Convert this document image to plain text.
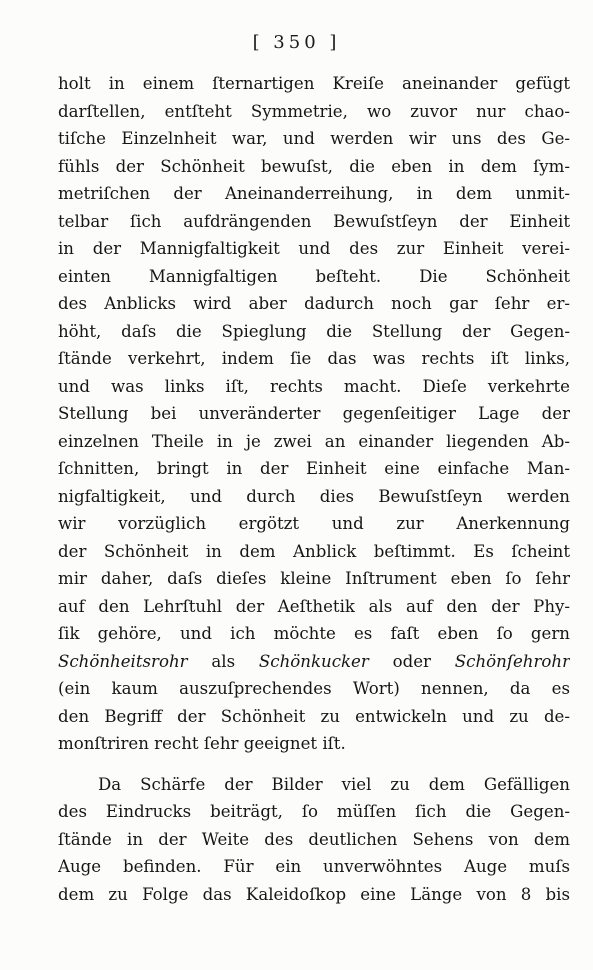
[ 350 ]
holt in einem ſternartigen Kreiſe aneinander gefügt
darſtellen, entſteht Symmetrie, wo zuvor nur chao-
tiſche Einzelnheit war, und werden wir uns des Ge-
fühls der Schönheit bewuſst, die eben in dem ſym-
metriſchen der Aneinanderreihung, in dem unmit-
telbar ſich aufdrängenden Bewuſstſeyn der Einheit
in der Mannigfaltigkeit und des zur Einheit verei-
einten Mannigfaltigen beſteht. Die Schönheit
des Anblicks wird aber dadurch noch gar ſehr er-
höht, daſs die Spieglung die Stellung der Gegen-
ſtände verkehrt, indem ſie das was rechts iſt links,
und was links iſt, rechts macht. Dieſe verkehrte
Stellung bei unveränderter gegenſeitiger Lage der
einzelnen Theile in je zwei an einander liegenden Ab-
ſchnitten, bringt in der Einheit eine einfache Man-
nigfaltigkeit, und durch dies Bewuſstſeyn werden
wir vorzüglich ergötzt und zur Anerkennung
der Schönheit in dem Anblick beſtimmt. Es ſcheint
mir daher, daſs dieſes kleine Inſtrument eben ſo ſehr
auf den Lehrſtuhl der Aeſthetik als auf den der Phy-
ſik gehöre, und ich möchte es faſt eben ſo gern
Schönheitsrohr als Schönkucker oder Schönſehrohr
(ein kaum auszuſprechendes Wort) nennen, da es
den Begriff der Schönheit zu entwickeln und zu de-
monſtriren recht ſehr geeignet iſt.
Da Schärfe der Bilder viel zu dem Gefälligen
des Eindrucks beiträgt, ſo müſſen ſich die Gegen-
ſtände in der Weite des deutlichen Sehens von dem
Auge befinden. Für ein unverwöhntes Auge muſs
dem zu Folge das Kaleidoſkop eine Länge von 8 bis
